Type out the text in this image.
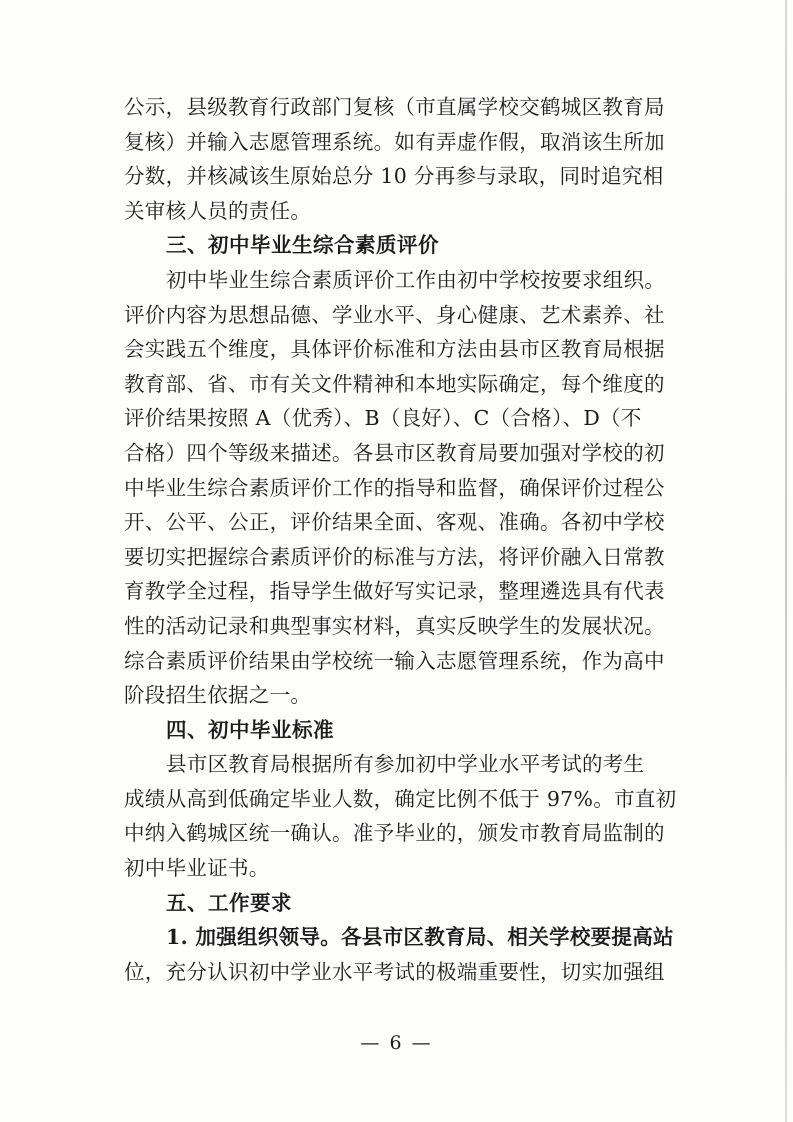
公示，县级教育行政部门复核（市直属学校交鹤城区教育局
复核）并输入志愿管理系统。如有弄虚作假，取消该生所加
分数，并核减该生原始总分 10 分再参与录取，同时追究相
关审核人员的责任。
三、初中毕业生综合素质评价
初中毕业生综合素质评价工作由初中学校按要求组织。
评价内容为思想品德、学业水平、身心健康、艺术素养、社
会实践五个维度，具体评价标准和方法由县市区教育局根据
教育部、省、市有关文件精神和本地实际确定，每个维度的
评价结果按照 A（优秀）、B（良好）、C（合格）、D（不
合格）四个等级来描述。各县市区教育局要加强对学校的初
中毕业生综合素质评价工作的指导和监督，确保评价过程公
开、公平、公正，评价结果全面、客观、准确。各初中学校
要切实把握综合素质评价的标准与方法，将评价融入日常教
育教学全过程，指导学生做好写实记录，整理遴选具有代表
性的活动记录和典型事实材料，真实反映学生的发展状况。
综合素质评价结果由学校统一输入志愿管理系统，作为高中
阶段招生依据之一。
四、初中毕业标准
县市区教育局根据所有参加初中学业水平考试的考生
成绩从高到低确定毕业人数，确定比例不低于 97%。市直初
中纳入鹤城区统一确认。准予毕业的，颁发市教育局监制的
初中毕业证书。
五、工作要求
1. 加强组织领导。各县市区教育局、相关学校要提高站
位，充分认识初中学业水平考试的极端重要性，切实加强组
— 6 —
